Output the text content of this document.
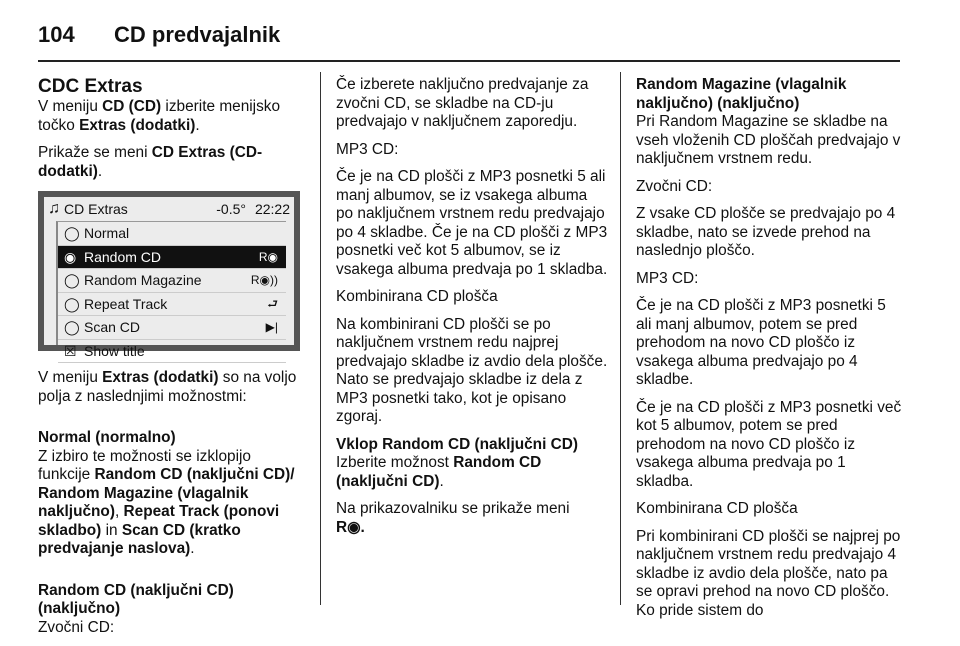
104 CD predvajalnik
CDC Extras

V meniju CD (CD) izberite menijsko točko Extras (dodatki).

Prikaže se meni CD Extras (CD-dodatki).

♫ CD Extras	-0.5° 22:22
◯ Normal
◉ Random CD	R◉
◯ Random Magazine	R◉))
◯ Repeat Track	⮐
◯ Scan CD	▶|
☒ Show title

V meniju Extras (dodatki) so na voljo polja z naslednjimi možnostmi:

Normal (normalno)

Z izbiro te možnosti se izklopijo funkcije Random CD (naključni CD)/ Random Magazine (vlagalnik naključno), Repeat Track (ponovi skladbo) in Scan CD (kratko predvajanje naslova).

Random CD (naključni CD) (naključno)

Zvočni CD:

Če izberete naključno predvajanje za zvočni CD, se skladbe na CD-ju predvajajo v naključnem zaporedju.

MP3 CD:

Če je na CD plošči z MP3 posnetki 5 ali manj albumov, se iz vsakega albuma po naključnem vrstnem redu predvajajo po 4 skladbe. Če je na CD plošči z MP3 posnetki več kot 5 albumov, se iz vsakega albuma predvaja po 1 skladba.

Kombinirana CD plošča

Na kombinirani CD plošči se po naključnem vrstnem redu najprej predvajajo skladbe iz avdio dela plošče. Nato se predvajajo skladbe iz dela z MP3 posnetki tako, kot je opisano zgoraj.

Vklop Random CD (naključni CD)

Izberite možnost Random CD (naključni CD).

Na prikazovalniku se prikaže meni
R◉.

Random Magazine (vlagalnik naključno) (naključno)

Pri Random Magazine se skladbe na vseh vloženih CD ploščah predvajajo v naključnem vrstnem redu.

Zvočni CD:

Z vsake CD plošče se predvajajo po 4 skladbe, nato se izvede prehod na naslednjo ploščo.

MP3 CD:

Če je na CD plošči z MP3 posnetki 5 ali manj albumov, potem se pred prehodom na novo CD ploščo iz vsakega albuma predvajajo po 4 skladbe.

Če je na CD plošči z MP3 posnetki več kot 5 albumov, potem se pred prehodom na novo CD ploščo iz vsakega albuma predvaja po 1 skladba.

Kombinirana CD plošča

Pri kombinirani CD plošči se najprej po naključnem vrstnem redu predvajajo 4 skladbe iz avdio dela plošče, nato pa se opravi prehod na novo CD ploščo. Ko pride sistem do
